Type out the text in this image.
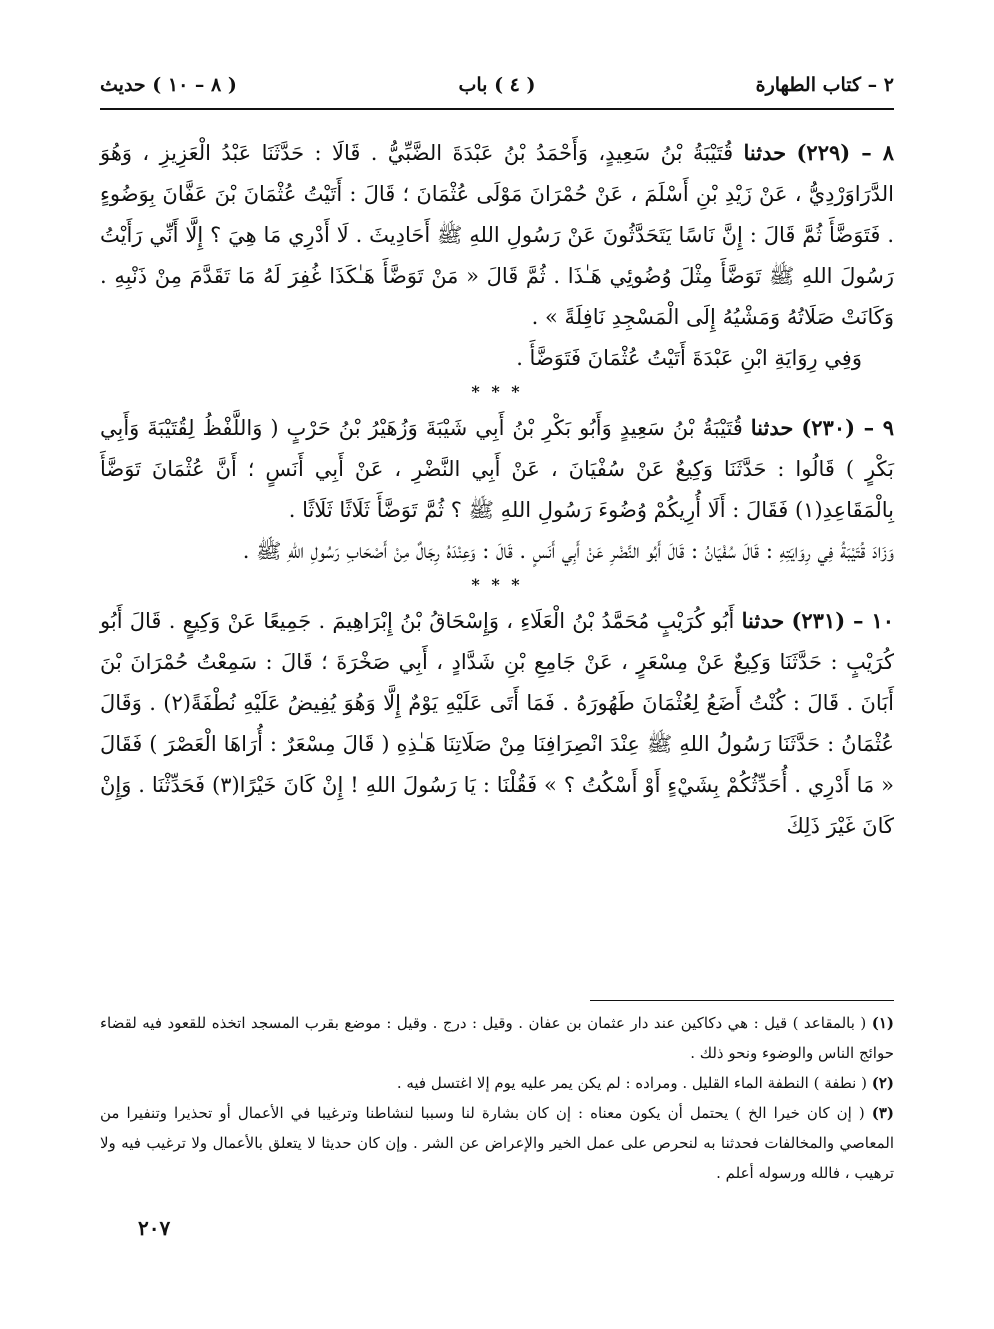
٢ – كتاب الطهارة
( ٤ ) باب
( ٨ – ١٠ ) حديث

٨ – (٢٢٩) حدثنا قُتَيْبَةُ بْنُ سَعِيدٍ، وَأَحْمَدُ بْنُ عَبْدَةَ الضَّبِّيُّ . قَالَا : حَدَّثَنَا عَبْدُ الْعَزِيزِ ، وَهُوَ الدَّرَاوَرْدِيُّ ، عَنْ زَيْدِ بْنِ أَسْلَمَ ، عَنْ حُمْرَانَ مَوْلَى عُثْمَانَ ؛ قَالَ : أَتَيْتُ عُثْمَانَ بْنَ عَفَّانَ بِوَضُوءٍ . فَتَوَضَّأَ ثُمَّ قَالَ : إِنَّ نَاسًا يَتَحَدَّثُونَ عَنْ رَسُولِ اللهِ ﷺ أَحَادِيثَ . لَا أَدْرِي مَا هِيَ ؟ إِلَّا أَنِّي رَأَيْتُ رَسُولَ اللهِ ﷺ تَوَضَّأَ مِثْلَ وُضُوئِي هَـٰذَا . ثُمَّ قَالَ « مَنْ تَوَضَّأَ هَـٰكَذَا غُفِرَ لَهُ مَا تَقَدَّمَ مِنْ ذَنْبِهِ . وَكَانَتْ صَلَاتُهُ وَمَشْيُهُ إِلَى الْمَسْجِدِ نَافِلَةً » .

وَفِي رِوَايَةِ ابْنِ عَبْدَةَ أَتَيْتُ عُثْمَانَ فَتَوَضَّأَ .

* * *

٩ – (٢٣٠) حدثنا قُتَيْبَةُ بْنُ سَعِيدٍ وَأَبُو بَكْرِ بْنُ أَبِي شَيْبَةَ وَزُهَيْرُ بْنُ حَرْبٍ ( وَاللَّفْظُ لِقُتَيْبَةَ وَأَبِي بَكْرٍ ) قَالُوا : حَدَّثَنَا وَكِيعٌ عَنْ سُفْيَانَ ، عَنْ أَبِي النَّضْرِ ، عَنْ أَبِي أَنَسٍ ؛ أَنَّ عُثْمَانَ تَوَضَّأَ بِالْمَقَاعِدِ(١) فَقَالَ : أَلَا أُرِيكُمْ وُضُوءَ رَسُولِ اللهِ ﷺ ؟ ثُمَّ تَوَضَّأَ ثَلَاثًا ثَلَاثًا .

وَزَادَ قُتَيْبَةُ فِي رِوَايَتِهِ : قَالَ سُفْيَانُ : قَالَ أَبُو النَّضْرِ عَنْ أَبِي أَنَسٍ . قَالَ : وَعِنْدَهُ رِجَالٌ مِنْ أَصْحَابِ رَسُولِ اللهِ ﷺ .

* * *

١٠ – (٢٣١) حدثنا أَبُو كُرَيْبٍ مُحَمَّدُ بْنُ الْعَلَاءِ ، وَإِسْحَاقُ بْنُ إِبْرَاهِيمَ . جَمِيعًا عَنْ وَكِيعٍ . قَالَ أَبُو كُرَيْبٍ : حَدَّثَنَا وَكِيعٌ عَنْ مِسْعَرٍ ، عَنْ جَامِعِ بْنِ شَدَّادٍ ، أَبِي صَخْرَةَ ؛ قَالَ : سَمِعْتُ حُمْرَانَ بْنَ أَبَانَ . قَالَ : كُنْتُ أَضَعُ لِعُثْمَانَ طَهُورَهُ . فَمَا أَتَى عَلَيْهِ يَوْمٌ إِلَّا وَهُوَ يُفِيضُ عَلَيْهِ نُطْفَةً(٢) . وَقَالَ عُثْمَانُ : حَدَّثَنَا رَسُولُ اللهِ ﷺ عِنْدَ انْصِرَافِنَا مِنْ صَلَاتِنَا هَـٰذِهِ ( قَالَ مِسْعَرٌ : أُرَاهَا الْعَصْرَ ) فَقَالَ « مَا أَدْرِي . أُحَدِّثُكُمْ بِشَيْءٍ أَوْ أَسْكُتُ ؟ » فَقُلْنَا : يَا رَسُولَ اللهِ ! إِنْ كَانَ خَيْرًا(٣) فَحَدِّثْنَا . وَإِنْ كَانَ غَيْرَ ذَلِكَ

(١) ( بالمقاعد ) قيل : هي دكاكين عند دار عثمان بن عفان . وقيل : درج . وقيل : موضع بقرب المسجد اتخذه للقعود فيه لقضاء حوائج الناس والوضوء ونحو ذلك .

(٢) ( نطفة ) النطفة الماء القليل . ومراده : لم يكن يمر عليه يوم إلا اغتسل فيه .

(٣) ( إن كان خيرا الخ ) يحتمل أن يكون معناه : إن كان بشارة لنا وسببا لنشاطنا وترغيبا في الأعمال أو تحذيرا وتنفيرا من المعاصي والمخالفات فحدثنا به لنحرص على عمل الخير والإعراض عن الشر . وإن كان حديثا لا يتعلق بالأعمال ولا ترغيب فيه ولا ترهيب ، فالله ورسوله أعلم .

٢٠٧
